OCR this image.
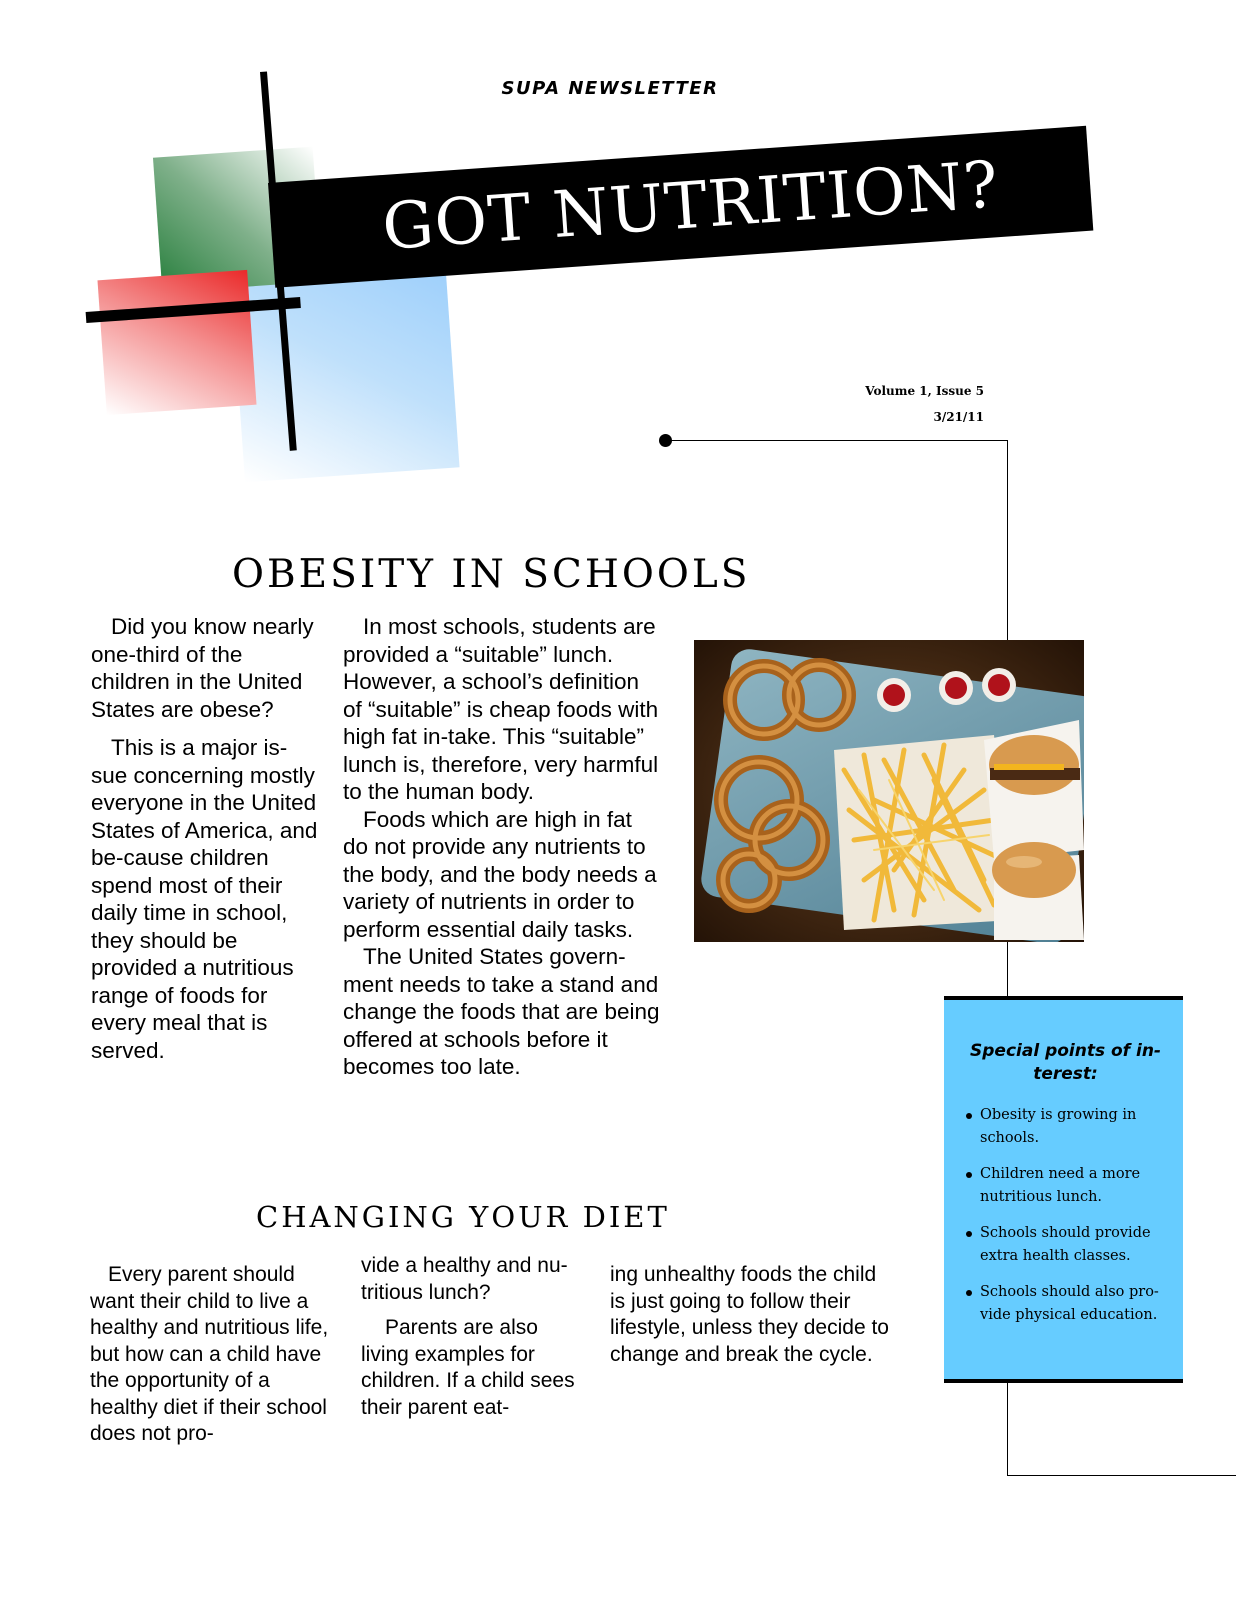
SUPA NEWSLETTER
GOT NUTRITION?
Volume 1, Issue 5
3/21/11
OBESITY IN SCHOOLS

Did you know nearly one-third of the children in the United States are obese?

This is a major is-sue concerning mostly everyone in the United States of America, and be-cause children spend most of their daily time in school, they should be provided a nutritious range of foods for every meal that is served.

In most schools, students are provided a “suitable” lunch. However, a school’s definition of “suitable” is cheap foods with high fat in-take. This “suitable” lunch is, therefore, very harmful to the human body.

Foods which are high in fat do not provide any nutrients to the body, and the body needs a variety of nutrients in order to perform essential daily tasks.

The United States govern-ment needs to take a stand and change the foods that are being offered at schools before it becomes too late.

CHANGING YOUR DIET

Every parent should want their child to live a healthy and nutritious life, but how can a child have the opportunity of a healthy diet if their school does not pro-

vide a healthy and nu-tritious lunch?

Parents are also living examples for children. If a child sees their parent eat-

ing unhealthy foods the child is just going to follow their lifestyle, unless they decide to change and break the cycle.

Special points of in-terest:
Obesity is growing in schools.
Children need a more nutritious lunch.
Schools should provide extra health classes.
Schools should also pro-vide physical education.
